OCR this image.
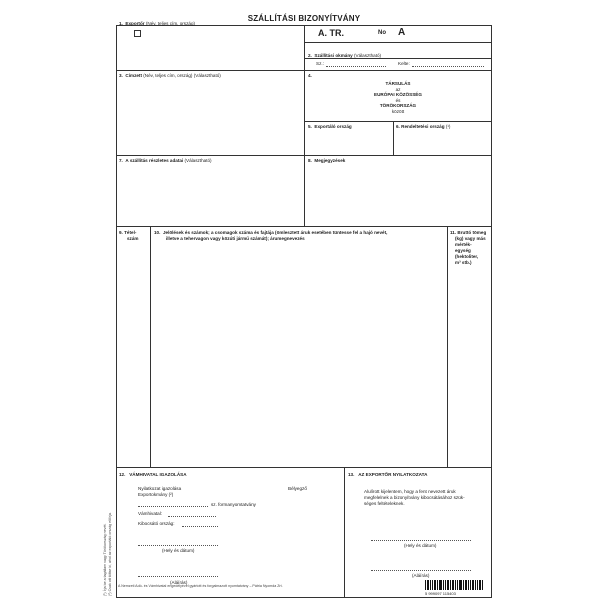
SZÁLLÍTÁSI BIZONYÍTVÁNY
A. TR.	No A
1. Exportőr (Név, teljes cím, ország)
2. Szállítási okmány (Választható)
Sz.:	Kelte:
3. Címzett (Név, teljes cím, ország) (Választható)	4.
TÁRSULÁS
az
EURÓPAI KÖZÖSSÉG
és
TÖRÖKORSZÁG
között
5. Exportáló ország	6. Rendeltetési ország (¹)
7. A szállítás részletes adatai (Választható)	8. Megjegyzések
9. Tétel-
szám
10. Jelölések és számok; a csomagok száma és fajtája (ömlesztett áruk esetében tüntesse fel a hajó nevét,
illetve a tehervagon vagy közúti jármű számát); árumegnevezés
11. Bruttó tömeg
(kg) vagy más
mérték-
egység
(hektoliter,
m³ stb.)
12. VÁMHIVATAL IGAZOLÁSA
Nyilatkozat igazolása	Bélyegző
Exportokmány (²)
sz. formanyomtatvány
Vámhivatal:
Kibocsátó ország:
(Hely és dátum)
(Aláírás)
13. AZ EXPORTŐR NYILATKOZATA
Alulírott kijelentem, hogy a fent nevezett áruk
megfelelnek a bizonyítvány kibocsátásához szük-
séges feltételeknek.
(Hely és dátum)
(Aláírás)
(¹) Írja be a tagállam vagy Törökország nevét. (²) Csak ott töltse ki, ahol az exportáló ország előírja. A Nemzeti Adó- és Vámhivatal engedélyével gyártott és forgalmazott nyomtatvány – Pátria Nyomda Zrt.
5 999097 115403
